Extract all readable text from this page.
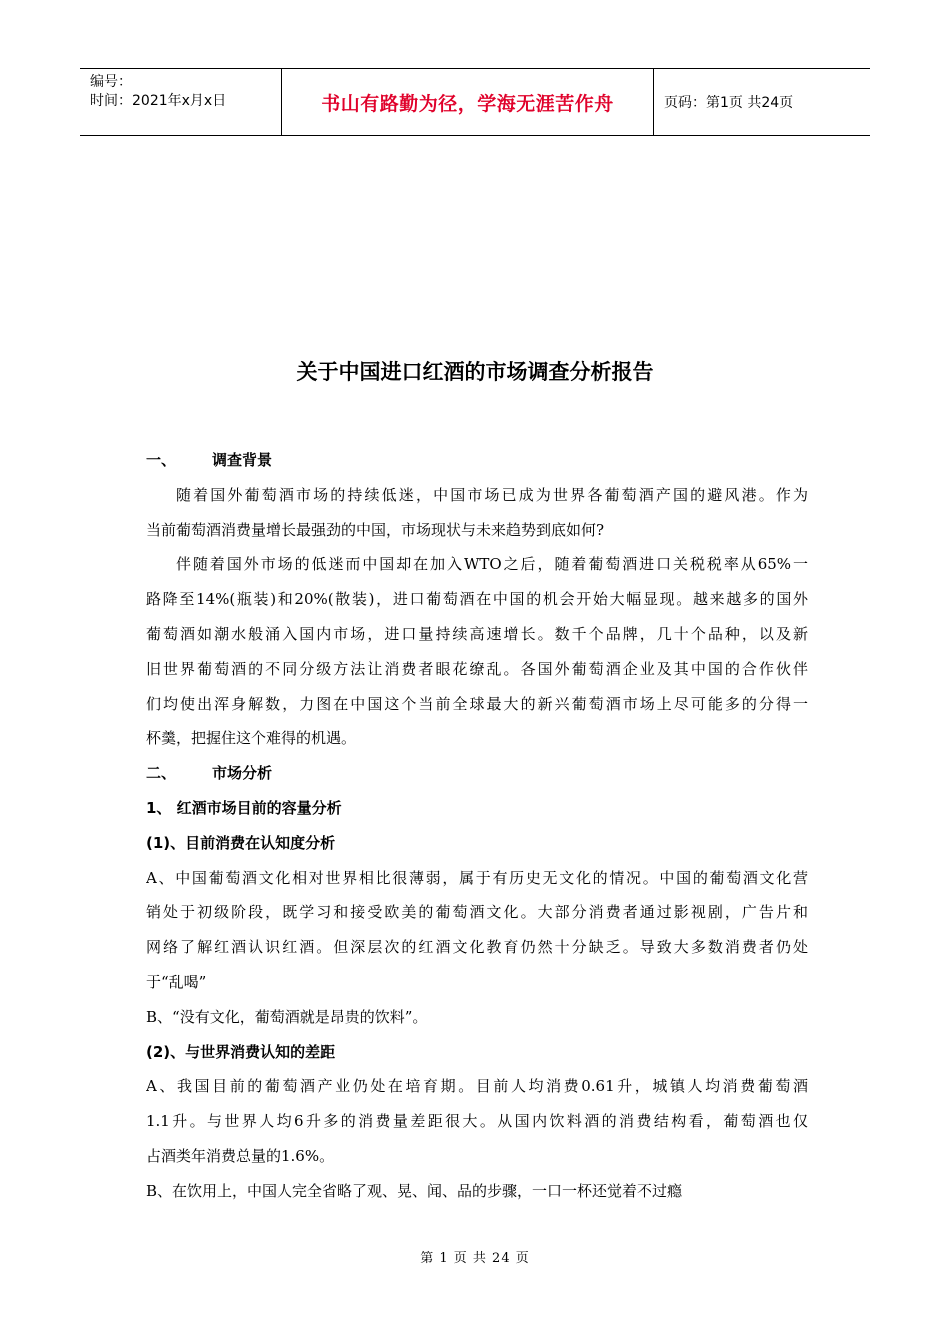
编号：
时间：2021年x月x日	书山有路勤为径，学海无涯苦作舟	页码：第1页 共24页
关于中国进口红酒的市场调查分析报告
一、 调查背景
随着国外葡萄酒市场的持续低迷，中国市场已成为世界各葡萄酒产国的避风港。作为
当前葡萄酒消费量增长最强劲的中国，市场现状与未来趋势到底如何?
伴随着国外市场的低迷而中国却在加入WTO之后，随着葡萄酒进口关税税率从65%一
路降至14%(瓶装)和20%(散装)，进口葡萄酒在中国的机会开始大幅显现。越来越多的国外
葡萄酒如潮水般涌入国内市场，进口量持续高速增长。数千个品牌，几十个品种，以及新
旧世界葡萄酒的不同分级方法让消费者眼花缭乱。各国外葡萄酒企业及其中国的合作伙伴
们均使出浑身解数，力图在中国这个当前全球最大的新兴葡萄酒市场上尽可能多的分得一
杯羹，把握住这个难得的机遇。
二、 市场分析
1、 红酒市场目前的容量分析
(1)、目前消费在认知度分析
A、中国葡萄酒文化相对世界相比很薄弱，属于有历史无文化的情况。中国的葡萄酒文化营
销处于初级阶段，既学习和接受欧美的葡萄酒文化。大部分消费者通过影视剧，广告片和
网络了解红酒认识红酒。但深层次的红酒文化教育仍然十分缺乏。导致大多数消费者仍处
于“乱喝”
B、“没有文化，葡萄酒就是昂贵的饮料”。
(2)、与世界消费认知的差距
A、我国目前的葡萄酒产业仍处在培育期。目前人均消费0.61升，城镇人均消费葡萄酒
1.1升。与世界人均6升多的消费量差距很大。从国内饮料酒的消费结构看，葡萄酒也仅
占酒类年消费总量的1.6%。
B、在饮用上，中国人完全省略了观、晃、闻、品的步骤，一口一杯还觉着不过瘾
第 1 页 共 24 页
